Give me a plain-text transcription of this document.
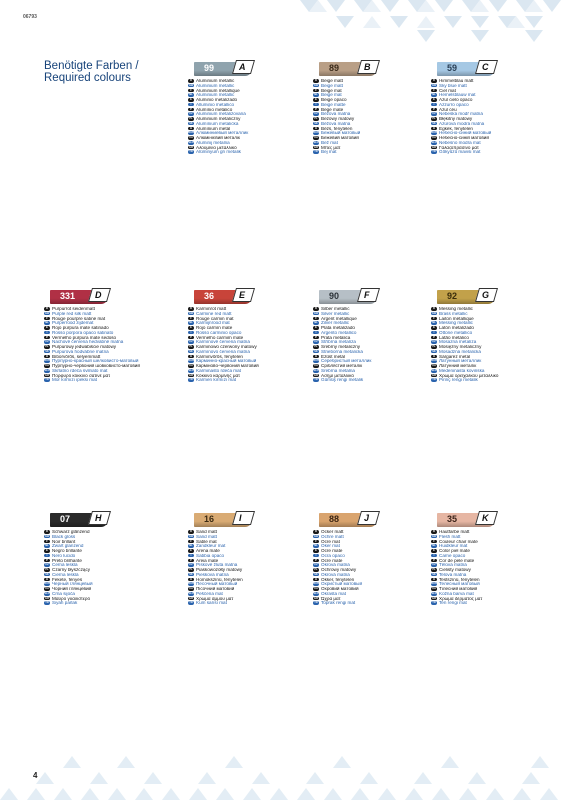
06793
4
Benötigte Farben /
Required colours
99	A
D Aluminium metallic
GB Aluminium metallic
F Aluminium métallique
NL Aluminium metallic
E Aluminio metalizado
I Alluminio metallico
P Alumínio metálico
CZ Aluminium metalizovaná
PL Aluminium metaliczny
SK Alumínium metalická
H Alumínium metál
RUS Алюминиевый металлик
UA Алюмінієвий металік
SLO Aluminij metalna
GR Αλουμίνιο μεταλλικό
TR Alüminyum gri metalik
89	B
D Beige matt
GB Beige matt
F Beige mat
NL Beige mat
E Beige opaco
I Beige matte
P Bege mate
CZ Béžová matná
PL Beżowy matowy
SK Béžová matná
H Bézs, fénytelen
RUS Бежевый матовый
UA Бежевий матовий
SLO Bež mat
GR Μπεζ ματ
TR Bej mat
59	C
D Himmelblau matt
GB Sky blue matt
F Ciel mat
NL Hemelsblauw mat
E Azul cielo opaco
I Azzurro opaco
P Azul céu
CZ Nebeská modř matná
PL Błękitny matowy
SK Azúrová modrá matná
H Égkék, fénytelen
RUS Небесно-синий матовый
UA Небесно-синій матовий
SLO Nebesno modra mat
GR Γαλαζοπράσινο ματ
TR Gökyüzü mavisi mat
331 D
D Purpurrot seidenmatt
GB Purple red silk matt
F Rouge pourpre satiné mat
NL Purperrood zijdemat
E Rojo púrpura mate satinado
I Rosso porpora opaco satinato
P Vermelho púrpura mate sedoso
CZ Nachově červená hedvábně matná
PL Purpurowy jedwabiście matowy
SK Purpurová hodvábne matná
H Bíborvörös, selyemmatt
RUS Пурпурно-красный шелковисто-матовый
UA Пурпурно-червоний шовковисто-матовий
SLO Škrlatno rdeča svilnato mat
GR Πορφυρό κόκκινο σατινέ ματ
TR Mor kırmızı ipeksi mat
36	E
D Karminrot matt
GB Carmine red matt
F Rouge carmin mat
NL Karmijnrood mat
E Rojo carmín mate
I Rosso carminio opaco
P Vermelho carmim mate
CZ Karmínově červená matná
PL Karminowo czerwony matowy
SK Karmínovo červená matná
H Kárminvörös, fénytelen
RUS Карминно-красный матовый
UA Карміново-червоний матовий
SLO Karminasto rdeča mat
GR Κόκκινο καρμίνης ματ
TR Karmen kırmızı mat
90	F
D Silber metallic
GB Silver metallic
F Argent métallique
NL Zilver metallic
E Plata metalizado
I Argento metallico
P Prata metálica
CZ Stříbrná metalíza
PL Srebrny metaliczny
SK Strieborná metalická
H Ezüst metál
RUS Серебристый металлик
UA Сріблястий металік
SLO Srebrna metalna
GR Ασημί μεταλλικό
TR Gümüş rengi metalik
92	G
D Messing metallic
GB Brass metallic
F Laiton métallique
NL Messing metallic
E Latón metalizado
I Ottone metallico
P Latão metálico
CZ Mosazná metalíza
PL Mosiężny metaliczny
SK Mosadzná metalická
H Sárgaréz metál
RUS Латунный металлик
UA Латунний металік
SLO Medeninasta kovinska
GR Χρώμα ορείχαλκου μεταλλικό
TR Pirinç rengi metalik
07	H
D Schwarz glänzend
GB Black gloss
F Noir brillant
NL Zwart glanzend
E Negro brillante
I Nero lucido
P Preto brilhante
CZ Černá lesklá
PL Czarny błyszczący
SK Čierna lesklá
H Fekete, fényes
RUS Черный глянцевый
UA Чорний глянцевий
SLO Črna sijoča
GR Μαύρο γυαλιστερό
TR Siyah parlak
16	I
D Sand matt
GB Sand matt
F Sable mat
NL Zandkleur mat
E Arena mate
I Sabbia opaco
P Areia mate
CZ Pískově žlutá matná
PL Piaskowożółty matowy
SK Piesková matná
H Homokszínű, fénytelen
RUS Песочный матовый
UA Пісочний матовий
SLO Peščena mat
GR Χρώμα άμμου ματ
TR Kum sarısı mat
88	J
D Ocker matt
GB Ochre matt
F Ocre mat
NL Oker mat
E Ocre mate
I Ocra opaco
P Ocre mate
CZ Okrová matná
PL Ochrowy matowy
SK Okrová matná
H Okker, fénytelen
RUS Охристый матовый
UA Охровий матовий
SLO Okrasta mat
GR Ώχρα ματ
TR Toprak rengi mat
35	K
D Hautfarbe matt
GB Flesh matt
F Couleur chair mate
NL Huidkleur mat
E Color piel mate
I Carne opaco
P Cor de pele mate
CZ Tělová matná
PL Cielisty matowy
SK Telová matná
H Testszínű, fénytelen
RUS Телесный матовый
UA Тілесний матовий
SLO Kožna barva mat
GR Χρώμα δέρματος ματ
TR Ten rengi mat
